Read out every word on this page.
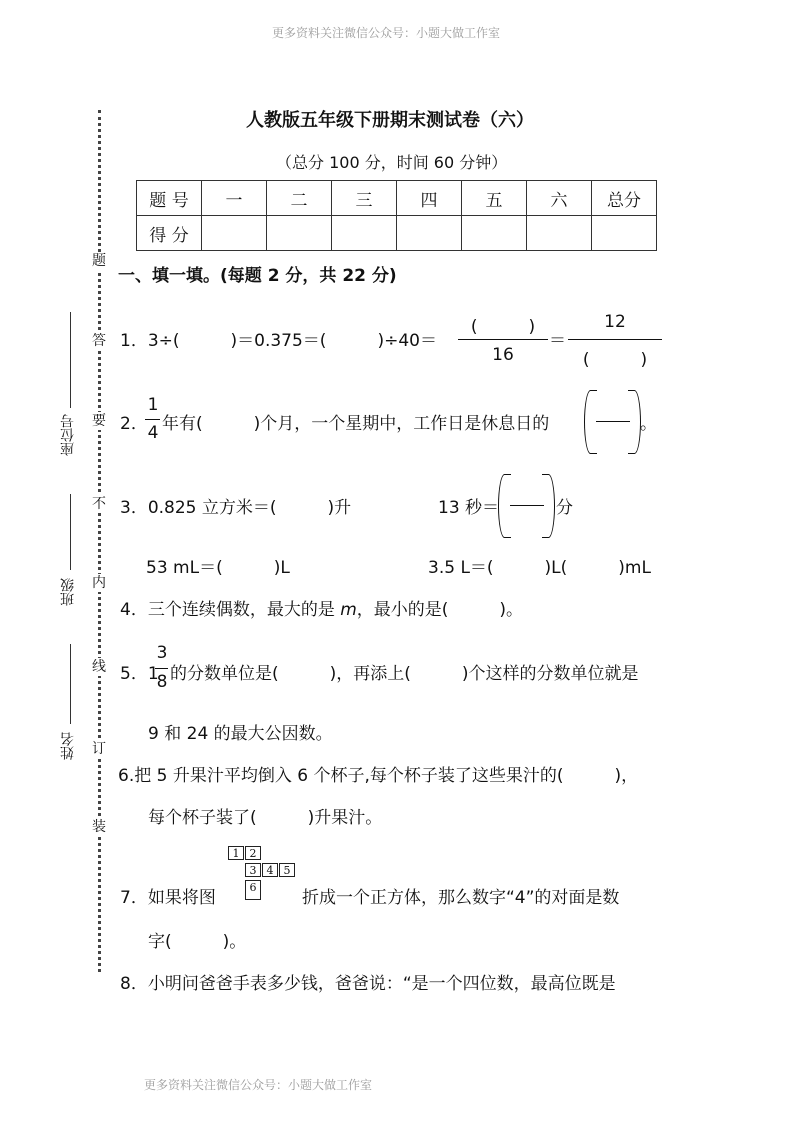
更多资料关注微信公众号：小题大做工作室
更多资料关注微信公众号：小题大做工作室
题
答
要
不
内
线
订
装
座位号
班级
姓名
人教版五年级下册期末测试卷（六）
（总分 100 分，时间 60 分钟）
题 号	一	二	三	四	五	六	总分
得 分							
一、填一填。(每题 2 分，共 22 分)
1．3÷(　　　)＝0.375＝(　　　)÷40＝
(　　　)
16
＝
12
(　　　)
2．
1
4 年有(　　　)个月，一个星期中，工作日是休息日的	。
3．0.825 立方米＝(　　　)升	13 秒＝	分
53 mL＝(　　　)L	3.5 L＝(　　　)L(　　　)mL
4．三个连续偶数，最大的是 m，最小的是(　　　)。
5．1
3
8 的分数单位是(　　　)，再添上(　　　)个这样的分数单位就是
9 和 24 的最大公因数。
6.把 5 升果汁平均倒入 6 个杯子,每个杯子装了这些果汁的(　　　)，
每个杯子装了(　　　)升果汁。
1 2
3 4 5
6
7．如果将图	折成一个正方体，那么数字“4”的对面是数
字(　　　)。
8．小明问爸爸手表多少钱，爸爸说：“是一个四位数，最高位既是
